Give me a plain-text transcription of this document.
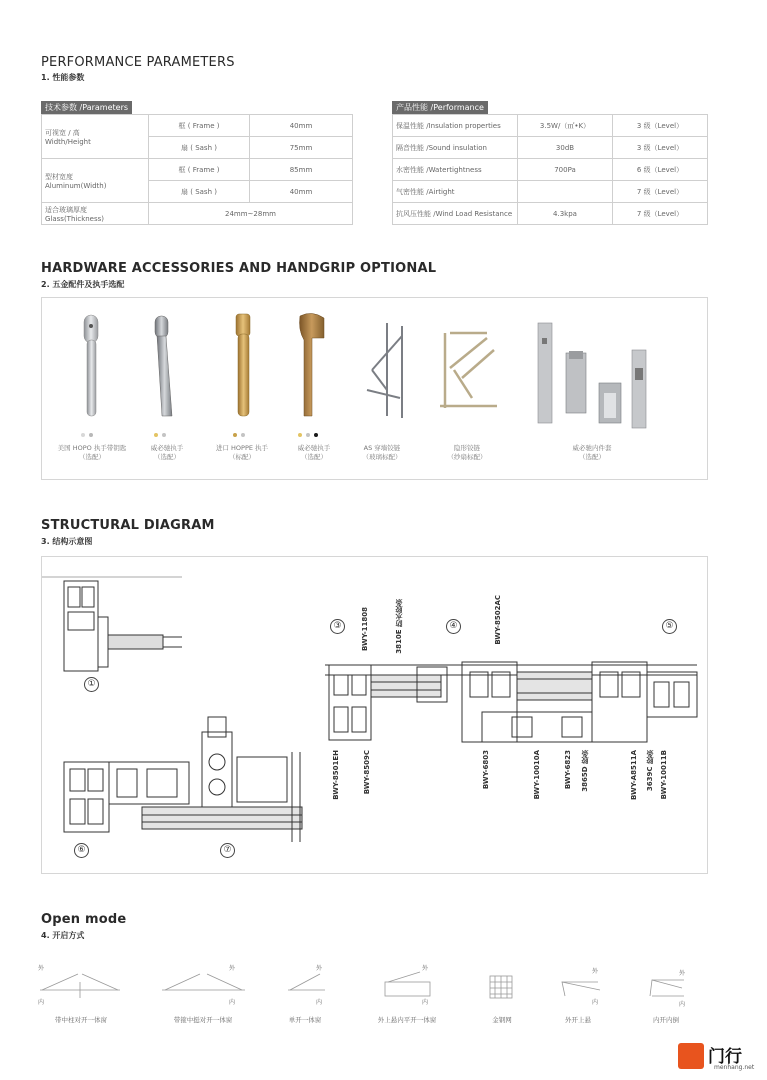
PERFORMANCE PARAMETERS
1. 性能参数
技术参数 /Parameters
可视宽 / 高
Width/Height	框 ( Frame )	40mm
	扇 ( Sash )	75mm
型材宽度
Aluminum(Width)	框 ( Frame )	85mm
	扇 ( Sash )	40mm
适合玻璃厚度
Glass(Thickness)	24mm~28mm	
产品性能 /Performance
保温性能 /Insulation properties	3.5W/（㎡•K）	3 级（Level）
隔音性能 /Sound insulation	30dB	3 级（Level）
水密性能 /Watertightness	700Pa	6 级（Level）
气密性能 /Airtight		7 级（Level）
抗风压性能 /Wind Load Resistance	4.3kpa	7 级（Level）
HARDWARE ACCESSORIES AND HANDGRIP OPTIONAL
2. 五金配件及执手选配
美国 HOPO 执手带钥匙
（选配）
威必驰执手
（选配）
进口 HOPPE 执手
（标配）
威必驰执手
（选配）
AS 穿墙铰链
（玻璃标配）
隐形铰链
（纱扇标配）
威必驰内件套
（选配）
STRUCTURAL DIAGRAM
3. 结构示意图
①
③	④	⑤
⑥	⑦
BWY-11808	3810E 防水胶条	BWY-8502AC
BWY-8501EH	BWY-8509C	BWY-6803	BWY-10010A	BWY-6823 3865D 胶条	BWY-A8511A 3639C 胶条 BWY-10011B
Open mode
4. 开启方式
外
内
外
内
外
内
外
内
外
内
外
内
带中柱对开一体窗	带箍中挺对开一体窗	单开一体窗	外上悬内平开一体窗	金钢网	外开上悬	内开内倒
门行
menhang.net
